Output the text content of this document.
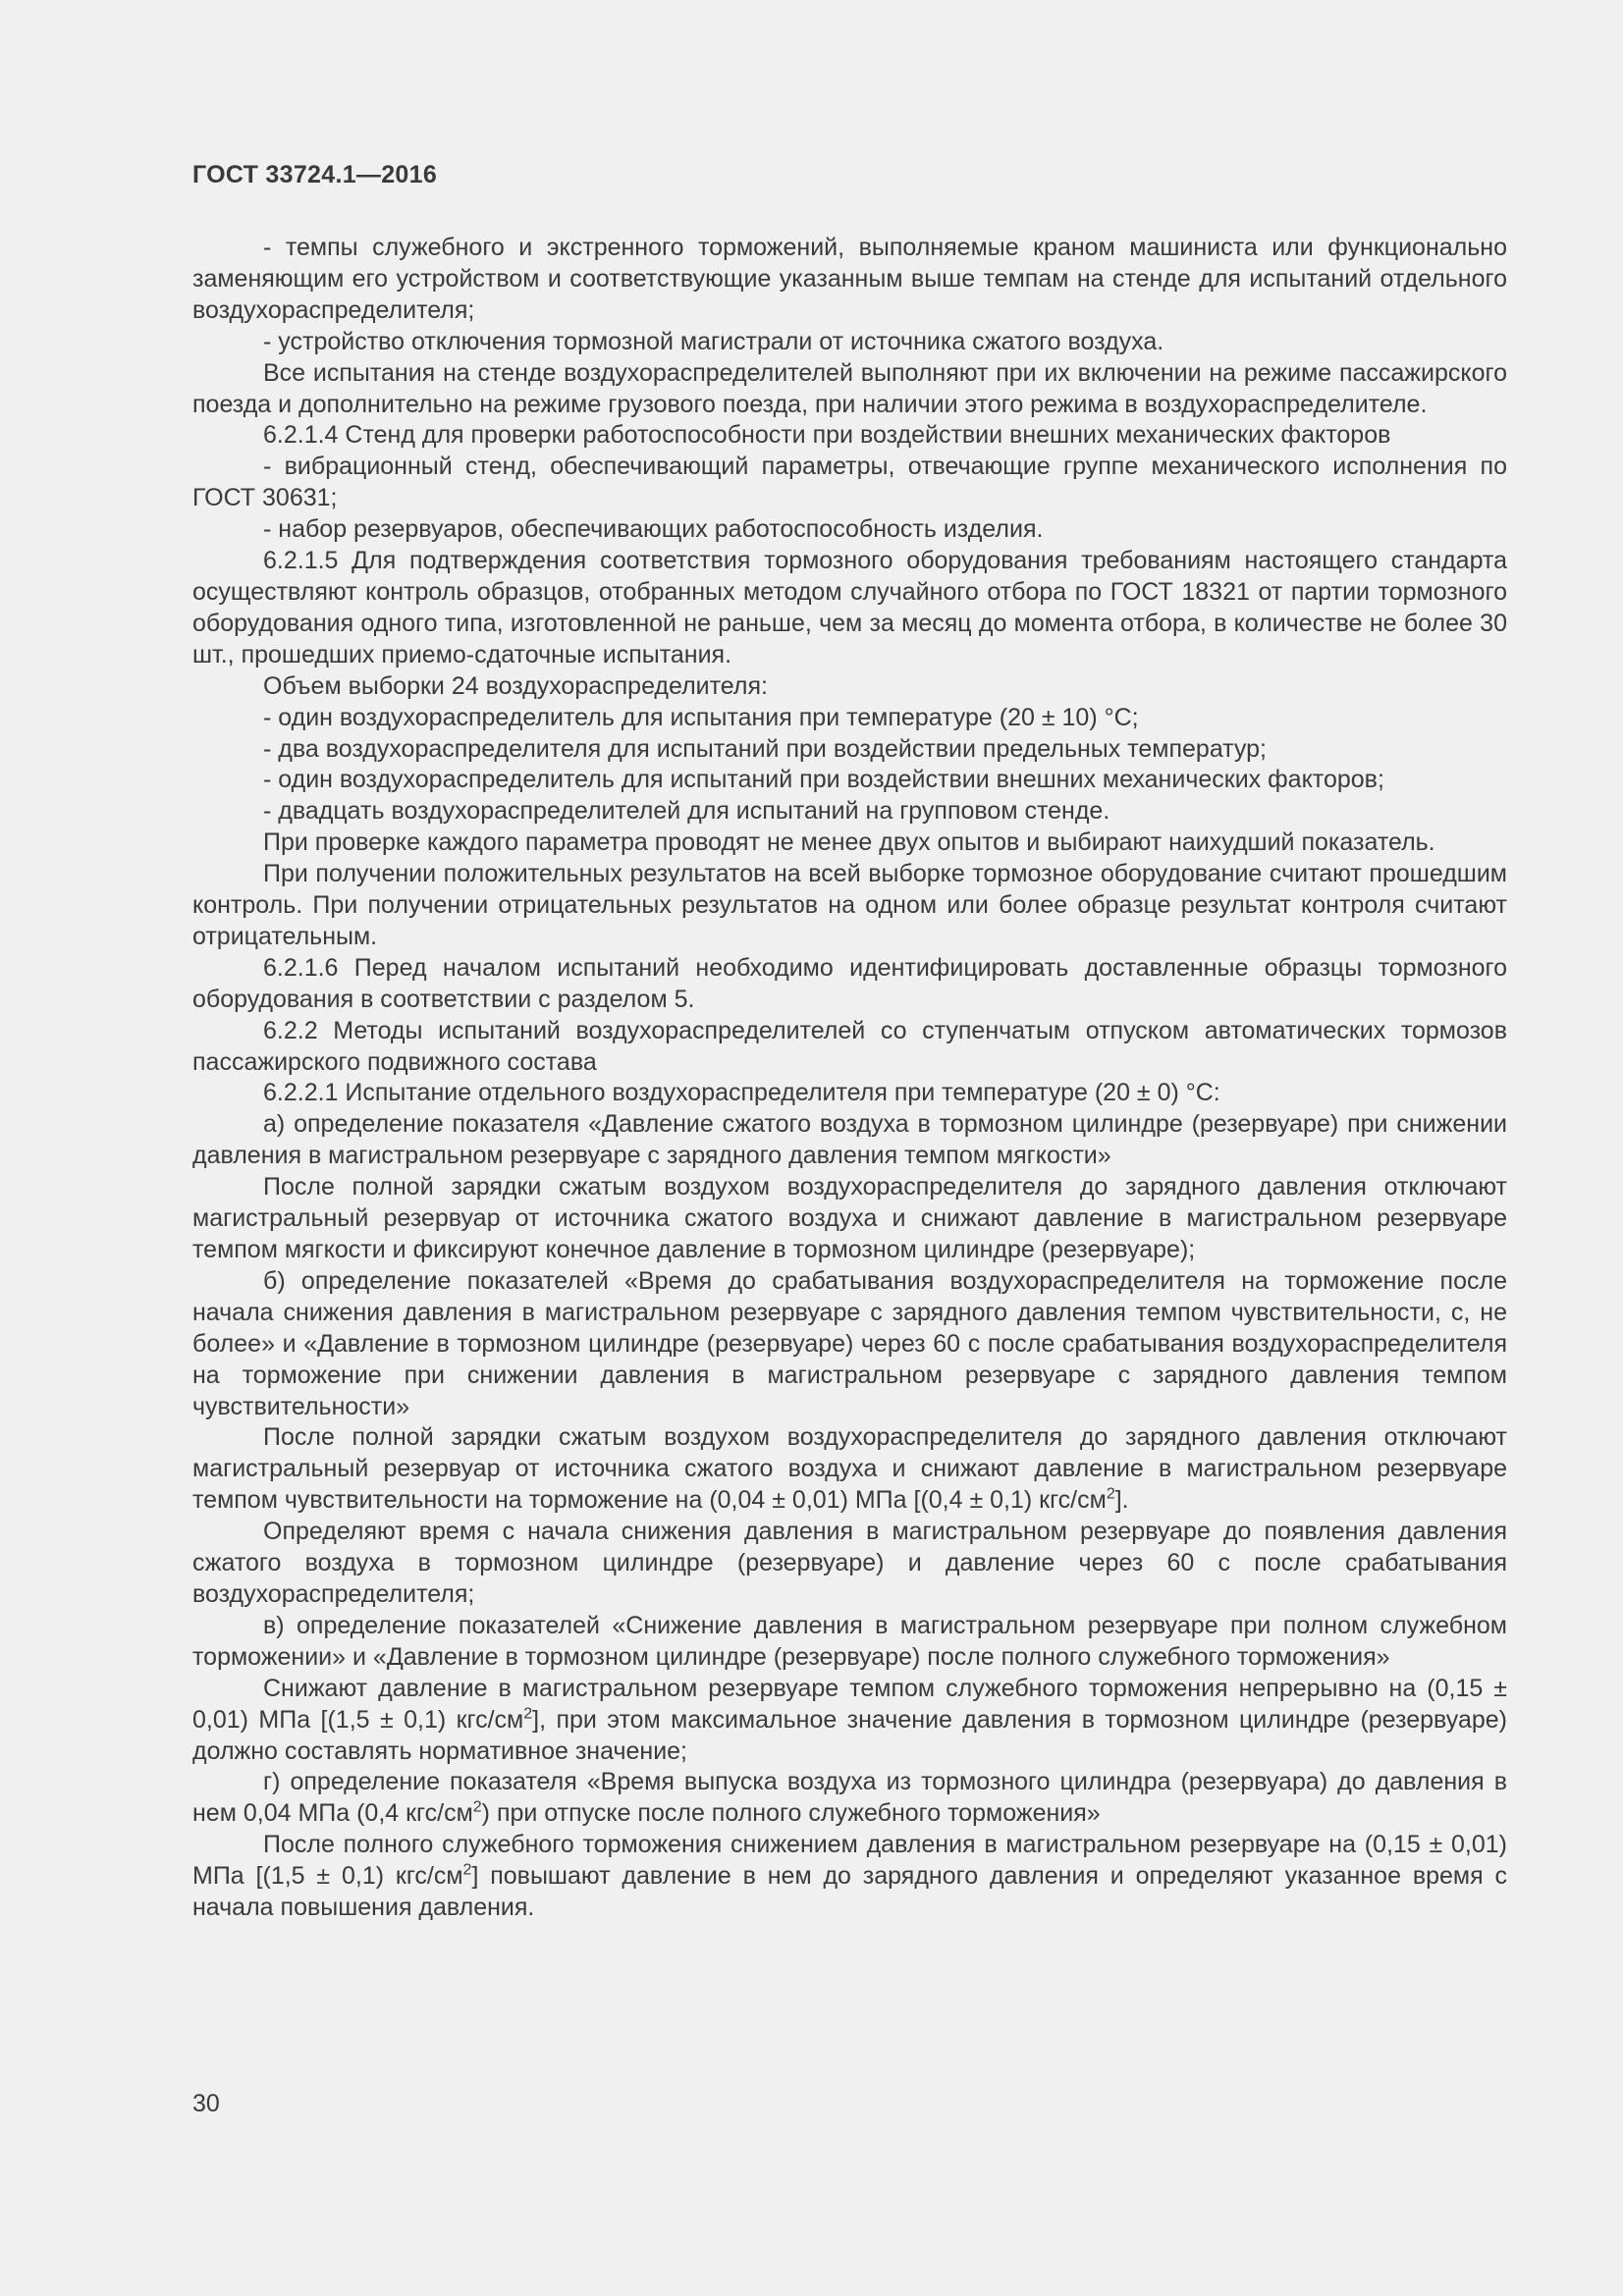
ГОСТ 33724.1—2016

- темпы служебного и экстренного торможений, выполняемые краном машиниста или функционально заменяющим его устройством и соответствующие указанным выше темпам на стенде для испытаний отдельного воздухораспределителя;

- устройство отключения тормозной магистрали от источника сжатого воздуха.

Все испытания на стенде воздухораспределителей выполняют при их включении на режиме пассажирского поезда и дополнительно на режиме грузового поезда, при наличии этого режима в воздухораспределителе.

6.2.1.4 Стенд для проверки работоспособности при воздействии внешних механических факторов

- вибрационный стенд, обеспечивающий параметры, отвечающие группе механического исполнения по ГОСТ 30631;

- набор резервуаров, обеспечивающих работоспособность изделия.

6.2.1.5 Для подтверждения соответствия тормозного оборудования требованиям настоящего стандарта осуществляют контроль образцов, отобранных методом случайного отбора по ГОСТ 18321 от партии тормозного оборудования одного типа, изготовленной не раньше, чем за месяц до момента отбора, в количестве не более 30 шт., прошедших приемо-сдаточные испытания.

Объем выборки 24 воздухораспределителя:

- один воздухораспределитель для испытания при температуре (20 ± 10) °С;

- два воздухораспределителя для испытаний при воздействии предельных температур;

- один воздухораспределитель для испытаний при воздействии внешних механических факторов;

- двадцать воздухораспределителей для испытаний на групповом стенде.

При проверке каждого параметра проводят не менее двух опытов и выбирают наихудший показатель.

При получении положительных результатов на всей выборке тормозное оборудование считают прошедшим контроль. При получении отрицательных результатов на одном или более образце результат контроля считают отрицательным.

6.2.1.6 Перед началом испытаний необходимо идентифицировать доставленные образцы тормозного оборудования в соответствии с разделом 5.

6.2.2 Методы испытаний воздухораспределителей со ступенчатым отпуском автоматических тормозов пассажирского подвижного состава

6.2.2.1 Испытание отдельного воздухораспределителя при температуре (20 ± 0) °С:

а) определение показателя «Давление сжатого воздуха в тормозном цилиндре (резервуаре) при снижении давления в магистральном резервуаре с зарядного давления темпом мягкости»

После полной зарядки сжатым воздухом воздухораспределителя до зарядного давления отключают магистральный резервуар от источника сжатого воздуха и снижают давление в магистральном резервуаре темпом мягкости и фиксируют конечное давление в тормозном цилиндре (резервуаре);

б) определение показателей «Время до срабатывания воздухораспределителя на торможение после начала снижения давления в магистральном резервуаре с зарядного давления темпом чувствительности, с, не более» и «Давление в тормозном цилиндре (резервуаре) через 60 с после срабатывания воздухораспределителя на торможение при снижении давления в магистральном резервуаре с зарядного давления темпом чувствительности»

После полной зарядки сжатым воздухом воздухораспределителя до зарядного давления отключают магистральный резервуар от источника сжатого воздуха и снижают давление в магистральном резервуаре темпом чувствительности на торможение на (0,04 ± 0,01) МПа [(0,4 ± 0,1) кгс/$см^2$].

Определяют время с начала снижения давления в магистральном резервуаре до появления давления сжатого воздуха в тормозном цилиндре (резервуаре) и давление через 60 с после срабатывания воздухораспределителя;

в) определение показателей «Снижение давления в магистральном резервуаре при полном служебном торможении» и «Давление в тормозном цилиндре (резервуаре) после полного служебного торможения»

Снижают давление в магистральном резервуаре темпом служебного торможения непрерывно на (0,15 ± 0,01) МПа [(1,5 ± 0,1) кгс/$см^2$], при этом максимальное значение давления в тормозном цилиндре (резервуаре) должно составлять нормативное значение;

г) определение показателя «Время выпуска воздуха из тормозного цилиндра (резервуара) до давления в нем 0,04 МПа (0,4 кгс/$см^2$) при отпуске после полного служебного торможения»

После полного служебного торможения снижением давления в магистральном резервуаре на (0,15 ± 0,01) МПа [(1,5 ± 0,1) кгс/$см^2$] повышают давление в нем до зарядного давления и определяют указанное время с начала повышения давления.

30
